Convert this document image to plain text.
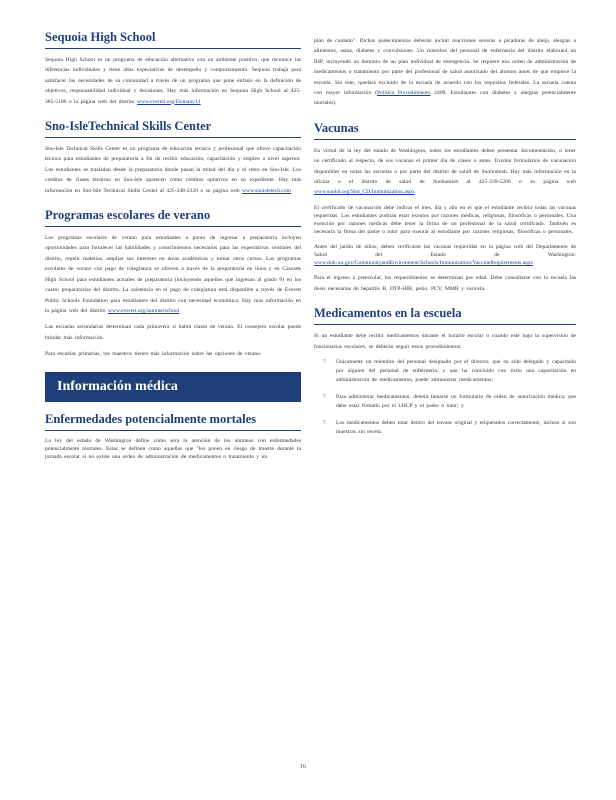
Sequoia High School

Sequoia High School es un programa de educación alternativo con un ambiente positivo, que reconoce las diferencias individuales y tiene altas expectativas de desempeño y comportamiento. Sequoia trabaja para satisfacer las necesidades de su comunidad a través de un programa que pone énfasis en la definición de objetivos, responsabilidad individual y decisiones. Hay más información en Sequoia High School al 425-385-5100 o la página web del distrito www.everett.org/Domain/11

Sno-IsleTechnical Skills Center

Sno-Isle Technical Skills Center es un programa de educación técnica y profesional que ofrece capacitación técnica para estudiantes de preparatoria a fin de recibir educación, capacitación y empleo a nivel superior. Los estudiantes se trasladan desde la preparatoria donde pasan la mitad del día y el resto en Sno-Isle. Los créditos de clases técnicas en Sno-Isle aparecen como créditos optativos en su expediente. Hay más información en Sno-Isle Technical Skills Center al 425-348-2220 o su página web www.snoisletech.com

Programas escolares de verano

Los programas escolares de verano para estudiantes a punto de ingresar a preparatoria incluyen oportunidades para fortalecer las habilidades y conocimientos necesarios para las expectativas centrales del distrito, repetir materias, ampliar sus intereses en áreas académicas y tomar otros cursos. Los programas escolares de verano con pago de colegiatura se ofrecen a través de la preparatoria en línea y en Cascade High School para estudiantes actuales de preparatoria (incluyendo aquellos que ingresan al grado 9) en los cuatro preparatorias del distrito. La asistencia en el pago de colegiatura está disponible a través de Everett Public Schools Foundation para estudiantes del distrito con necesidad económica. Hay más información en la página web del distrito www.everett.org/summerschool

Las escuelas secundarias determinan cada primavera si habrá clases de verano. El consejero escolar puede brindar más información.

Para escuelas primarias, los maestros tienen más información sobre las opciones de verano.

Información médica
Enfermedades potencialmente mortales

La ley del estado de Washington define cómo será la atención de los alumnos con enfermedades potencialmente mortales. Estas se definen como aquellas que "los ponen en riesgo de muerte durante la jornada escolar si no existe una orden de administración de medicamentos o tratamiento y un

plan de cuidado". Dichos padecimientos deberán incluir reacciones severas a picaduras de abeja, alergias a alimentos, asma, diabetes y convulsiones. Un miembro del personal de enfermería del distrito elaborará un IHP, incluyendo un dominio de un plan individual de emergencia. Se requiere una orden de administración de medicamentos o tratamiento por parte del profesional de salud autorizado del alumno antes de que empiece la escuela. Sin este, quedará excluido de la escuela de acuerdo con los requisitos federales. La escuela cuenta con mayor información (Política Procedimiento 2409, Estudiantes con diabetes y alergias potencialmente mortales).

Vacunas

En virtud de la ley del estado de Washington, todos los estudiantes deben presentar documentación, o tener un certificado al respecto, de sus vacunas el primer día de clases o antes. Existen formularios de vacunación disponibles en todas las escuelas o por parte del distrito de salud de Snohomish. Hay más información en la oficina o el distrito de salud de Snohomish al 425-339-5200 o su página web www.snohd.org/Shd_CD/Immunization.aspx

El certificado de vacunación debe indicar el mes, día y año en el que el estudiante recibió todas las vacunas requeridas. Los estudiantes podrían estar exentos por razones médicas, religiosas, filosóficas o personales. Una exención por razones médicas debe tener la firma de un profesional de la salud certificado. También es necesaria la firma del padre o tutor para exentar al estudiante por razones religiosas, filosóficas o personales.

Antes del jardín de niños, deben verificarse las vacunas requeridas en la página web del Departamento de Salud del Estado de Washington: www.doh.wa.gov/CommunityandEnvironment/Schools/Immunization/VaccineRequirements.aspx

Para el ingreso a preescolar, los requerimientos se determinan por edad. Debe consultarse con la escuela las dosis necesarias de hepatitis B, DTP-HIB, polio, PCV, MMR y varicela.

Medicamentos en la escuela

Si un estudiante debe recibir medicamentos durante el horario escolar o cuando esté bajo la supervisión de funcionarios escolares, se deberán seguir estos procedimientos:

7 Únicamente un miembro del personal designado por el director, que ha sido delegado y capacitado por alguien del personal de enfermería, y que ha concluido con éxito una capacitación en administración de medicamentos, puede administrar medicamentos;
7 Para administrar medicamentos, deberá llenarse un formulario de orden de autorización médica, que debe estar firmado por el LHCP y el padre o tutor; y
7 Los medicamentos deben estar dentro del envase original y etiquetados correctamente, incluso si son muestras sin receta.
16
